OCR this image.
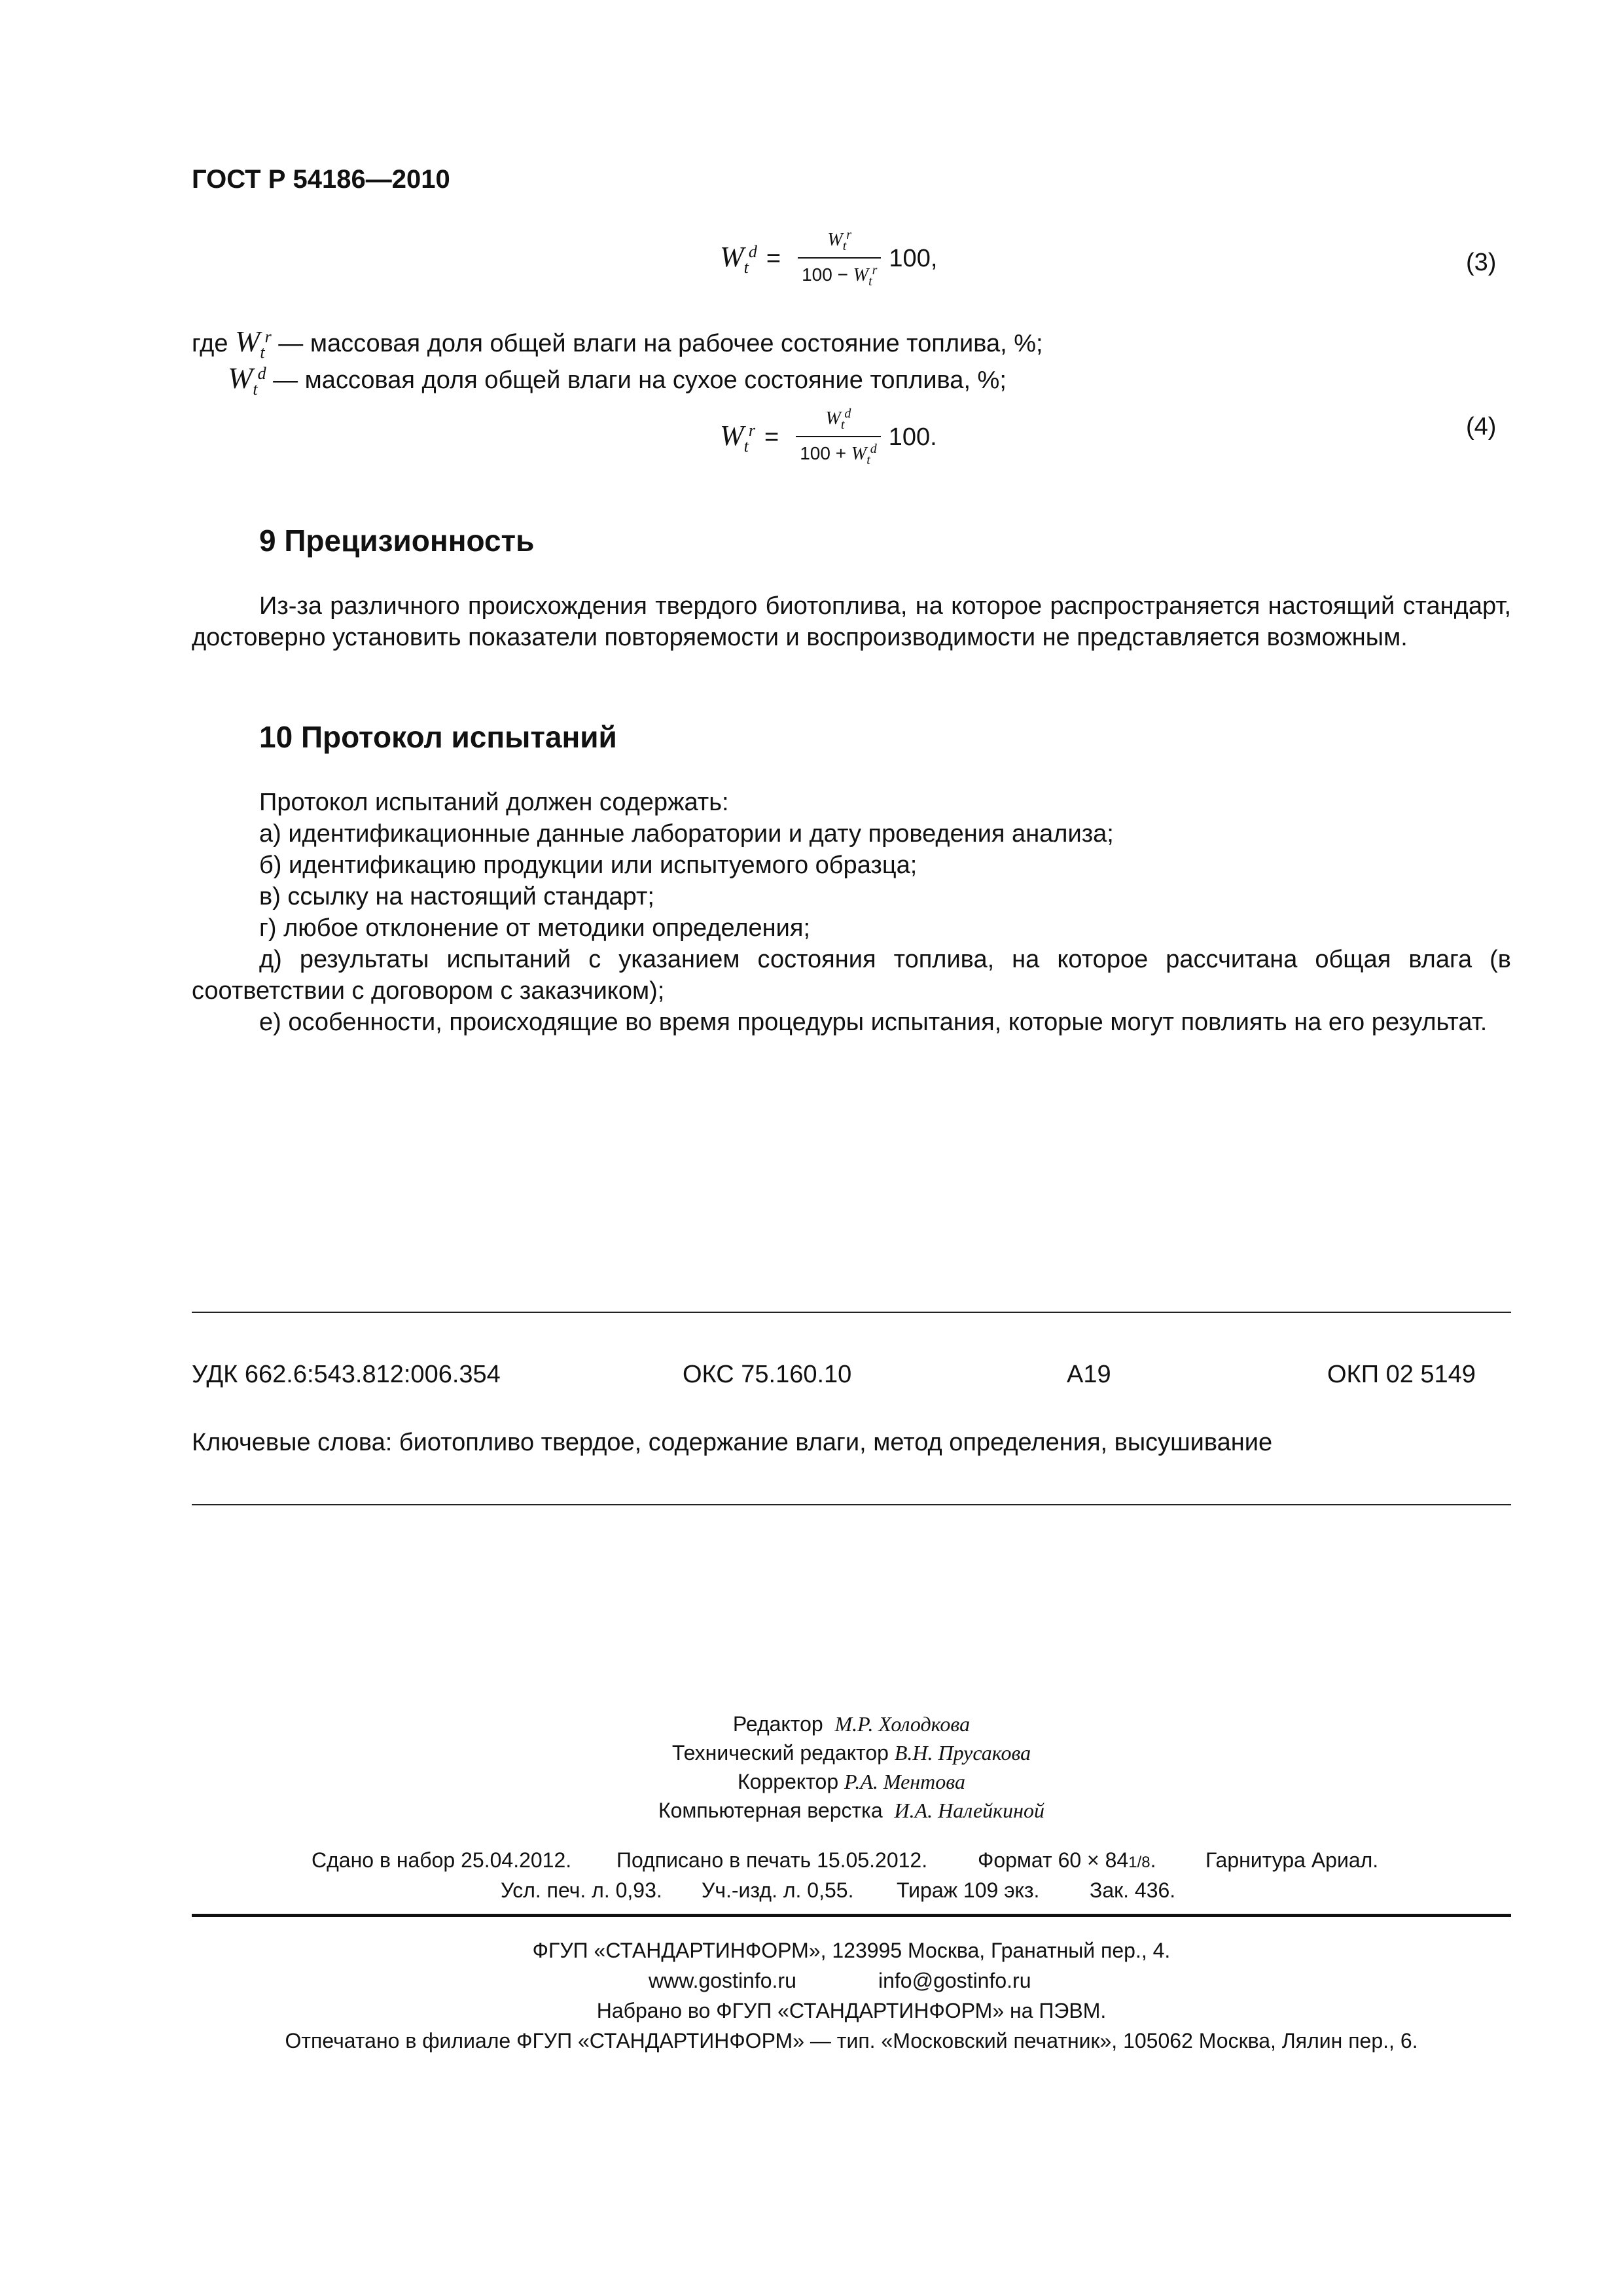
ГОСТ Р 54186—2010
$W_t^d = \frac{W_t^r}{100 - W_t^r} 100$,	(3)
где $W_t^r$ — массовая доля общей влаги на рабочее состояние топлива, %;
$W_t^d$ — массовая доля общей влаги на сухое состояние топлива, %;
$W_t^r = \frac{W_t^d}{100 + W_t^d} 100$.	(4)
9 Прецизионность
Из-за различного происхождения твердого биотоплива, на которое распространяется настоящий стандарт, достоверно установить показатели повторяемости и воспроизводимости не представляется возможным.
10 Протокол испытаний
Протокол испытаний должен содержать:
а) идентификационные данные лаборатории и дату проведения анализа;
б) идентификацию продукции или испытуемого образца;
в) ссылку на настоящий стандарт;
г) любое отклонение от методики определения;
д) результаты испытаний с указанием состояния топлива, на которое рассчитана общая влага (в соответствии с договором с заказчиком);
е) особенности, происходящие во время процедуры испытания, которые могут повлиять на его результат.
УДК 662.6:543.812:006.354	ОКС 75.160.10	А19	ОКП 02 5149
Ключевые слова: биотопливо твердое, содержание влаги, метод определения, высушивание
Редактор М.Р. Холодкова
Технический редактор В.Н. Прусакова
Корректор Р.А. Ментова
Компьютерная верстка И.А. Налейкиной
Сдано в набор 25.04.2012. Подписано в печать 15.05.2012. Формат 60 × 841/8. Гарнитура Ариал.
Усл. печ. л. 0,93. Уч.-изд. л. 0,55. Тираж 109 экз. Зак. 436.
ФГУП «СТАНДАРТИНФОРМ», 123995 Москва, Гранатный пер., 4.
www.gostinfo.ru	info@gostinfo.ru
Набрано во ФГУП «СТАНДАРТИНФОРМ» на ПЭВМ.
Отпечатано в филиале ФГУП «СТАНДАРТИНФОРМ» — тип. «Московский печатник», 105062 Москва, Лялин пер., 6.
